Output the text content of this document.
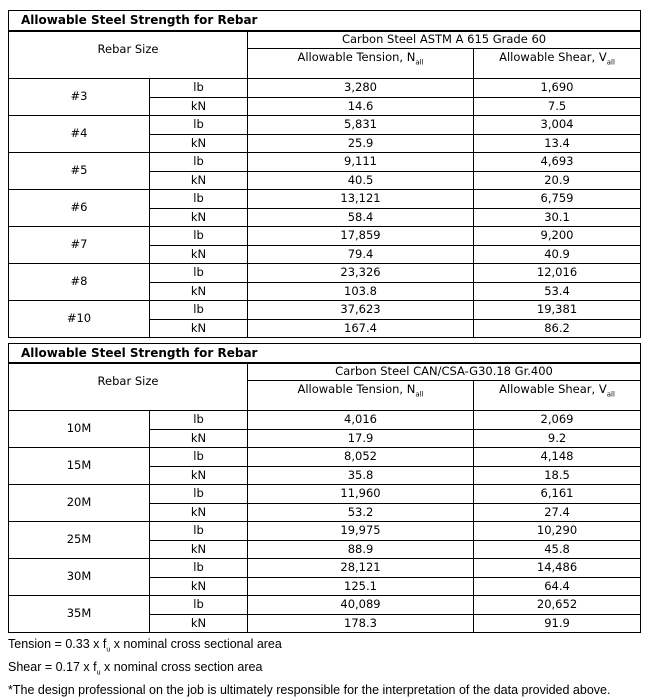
Allowable Steel Strength for Rebar			
Rebar Size		Carbon Steel ASTM A 615 Grade 60	
		Allowable Tension, $N_{all}$	Allowable Shear, $V_{all}$
#3	lb	3,280	1,690
	kN	14.6	7.5
#4	lb	5,831	3,004
	kN	25.9	13.4
#5	lb	9,111	4,693
	kN	40.5	20.9
#6	lb	13,121	6,759
	kN	58.4	30.1
#7	lb	17,859	9,200
	kN	79.4	40.9
#8	lb	23,326	12,016
	kN	103.8	53.4
#10	lb	37,623	19,381
	kN	167.4	86.2
Allowable Steel Strength for Rebar			
Rebar Size		Carbon Steel CAN/CSA-G30.18 Gr.400	
		Allowable Tension, $N_{all}$	Allowable Shear, $V_{all}$
10M	lb	4,016	2,069
	kN	17.9	9.2
15M	lb	8,052	4,148
	kN	35.8	18.5
20M	lb	11,960	6,161
	kN	53.2	27.4
25M	lb	19,975	10,290
	kN	88.9	45.8
30M	lb	28,121	14,486
	kN	125.1	64.4
35M	lb	40,089	20,652
	kN	178.3	91.9
Tension = 0.33 x $f_u$ x nominal cross sectional area
Shear = 0.17 x $f_u$ x nominal cross section area
*The design professional on the job is ultimately responsible for the interpretation of the data provided above.
